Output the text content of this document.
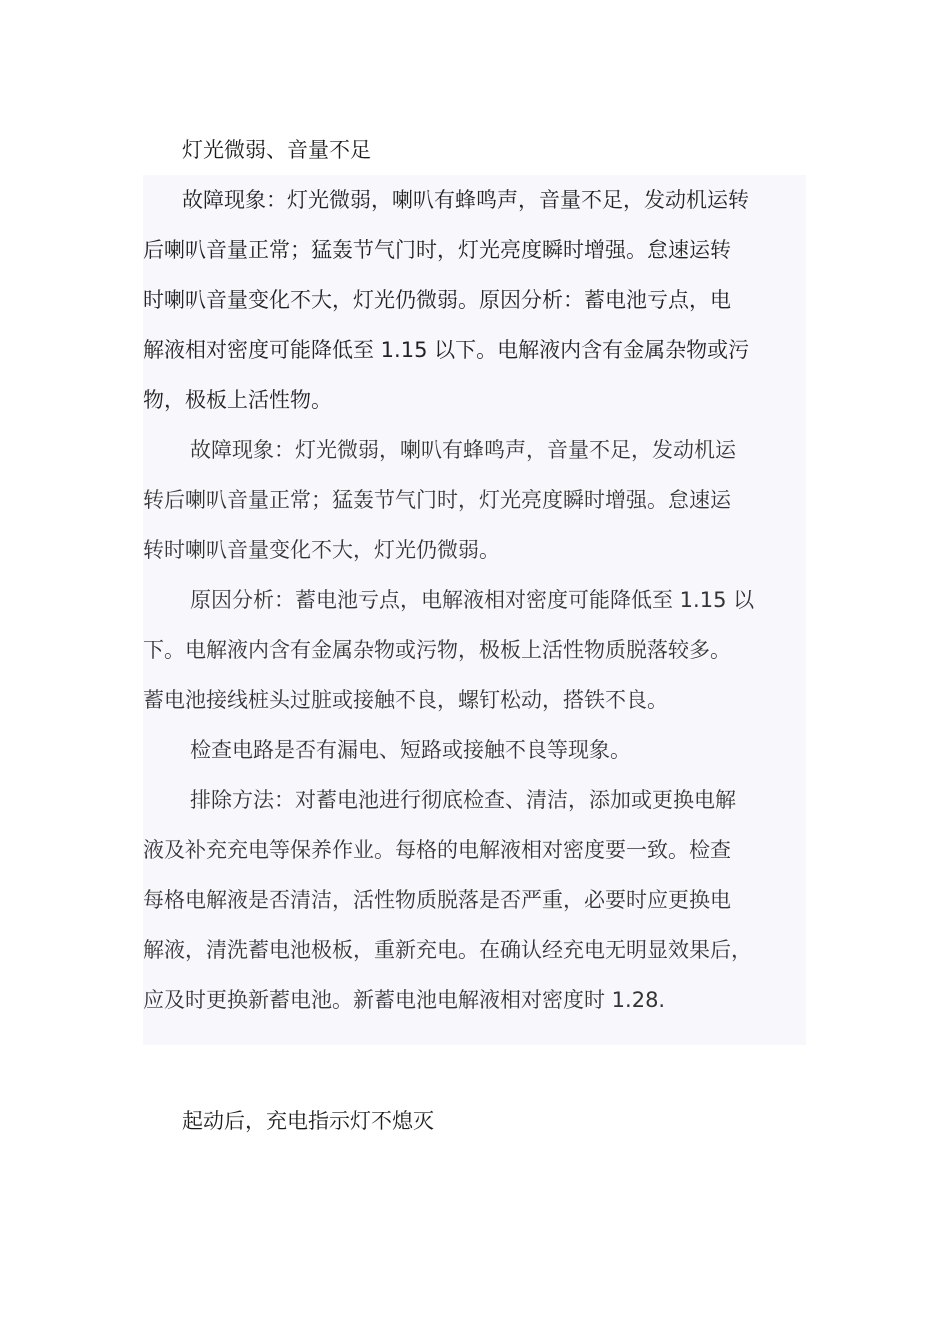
灯光微弱、音量不足

故障现象：灯光微弱，喇叭有蜂鸣声，音量不足，发动机运转
后喇叭音量正常；猛轰节气门时，灯光亮度瞬时增强。怠速运转
时喇叭音量变化不大，灯光仍微弱。原因分析：蓄电池亏点，电
解液相对密度可能降低至 1.15 以下。电解液内含有金属杂物或污
物，极板上活性物。

故障现象：灯光微弱，喇叭有蜂鸣声，音量不足，发动机运
转后喇叭音量正常；猛轰节气门时，灯光亮度瞬时增强。怠速运
转时喇叭音量变化不大，灯光仍微弱。

原因分析：蓄电池亏点，电解液相对密度可能降低至 1.15 以
下。电解液内含有金属杂物或污物，极板上活性物质脱落较多。
蓄电池接线桩头过脏或接触不良，螺钉松动，搭铁不良。

检查电路是否有漏电、短路或接触不良等现象。

排除方法：对蓄电池进行彻底检查、清洁，添加或更换电解
液及补充充电等保养作业。每格的电解液相对密度要一致。检查
每格电解液是否清洁，活性物质脱落是否严重，必要时应更换电
解液，清洗蓄电池极板，重新充电。在确认经充电无明显效果后，
应及时更换新蓄电池。新蓄电池电解液相对密度时 1.28.

起动后，充电指示灯不熄灭
